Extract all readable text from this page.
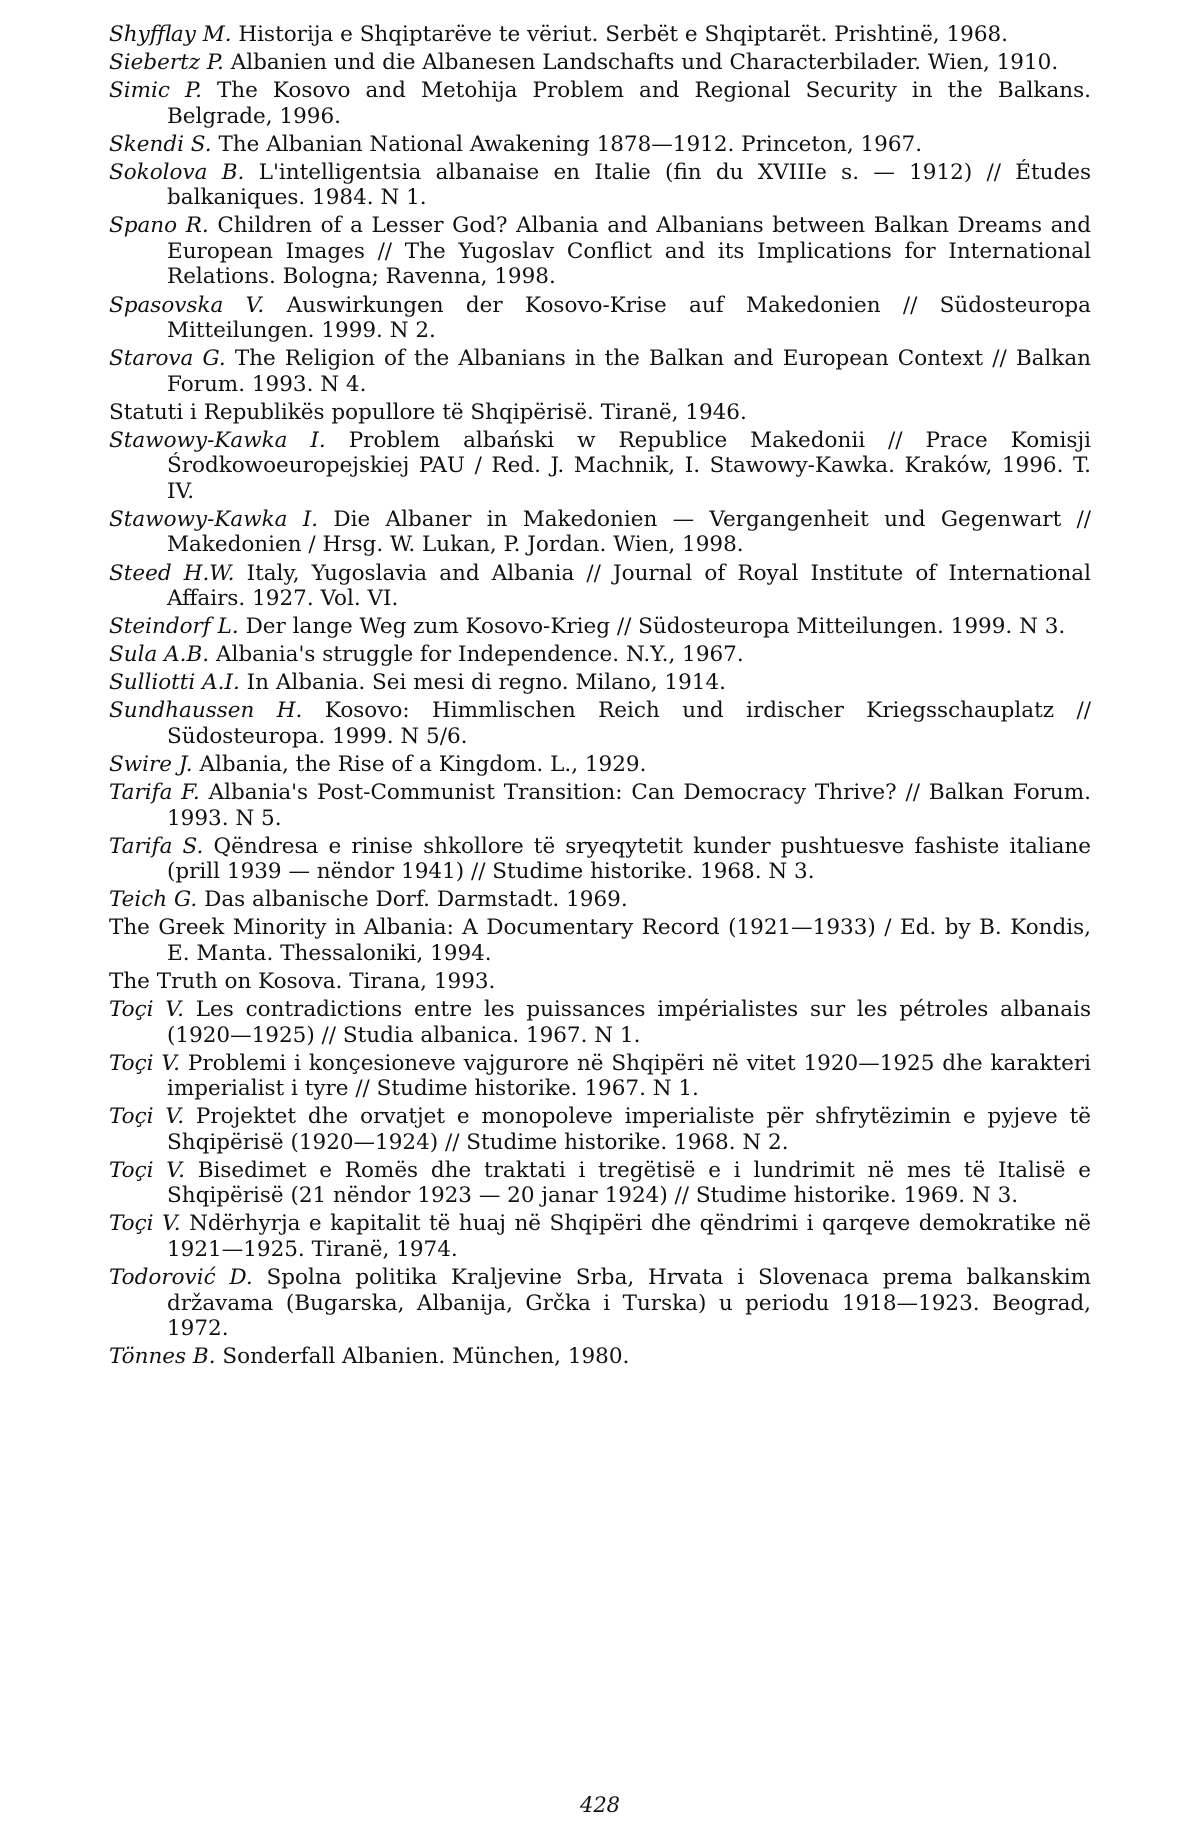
Shyfflay M. Historija e Shqiptarëve te vëriut. Serbët e Shqiptarët. Prishtinë, 1968.
Siebertz P. Albanien und die Albanesen Landschafts und Characterbilader. Wien, 1910.
Simic P. The Kosovo and Metohija Problem and Regional Security in the Balkans. Belgrade, 1996.
Skendi S. The Albanian National Awakening 1878—1912. Princeton, 1967.
Sokolova B. L'intelligentsia albanaise en Italie (fin du XVIIIe s. — 1912) // Études balkaniques. 1984. N 1.
Spano R. Children of a Lesser God? Albania and Albanians between Balkan Dreams and European Images // The Yugoslav Conflict and its Implications for International Relations. Bologna; Ravenna, 1998.
Spasovska V. Auswirkungen der Kosovo-Krise auf Makedonien // Südosteuropa Mitteilungen. 1999. N 2.
Starova G. The Religion of the Albanians in the Balkan and European Context // Balkan Forum. 1993. N 4.
Statuti i Republikës popullore të Shqipërisë. Tiranë, 1946.
Stawowy-Kawka I. Problem albański w Republice Makedonii // Prace Komisji Środkowoeuropejskiej PAU / Red. J. Machnik, I. Stawowy-Kawka. Kraków, 1996. T. IV.
Stawowy-Kawka I. Die Albaner in Makedonien — Vergangenheit und Gegenwart // Makedonien / Hrsg. W. Lukan, P. Jordan. Wien, 1998.
Steed H.W. Italy, Yugoslavia and Albania // Journal of Royal Institute of International Affairs. 1927. Vol. VI.
Steindorf L. Der lange Weg zum Kosovo-Krieg // Südosteuropa Mitteilungen. 1999. N 3.
Sula A.B. Albania's struggle for Independence. N.Y., 1967.
Sulliotti A.I. In Albania. Sei mesi di regno. Milano, 1914.
Sundhaussen H. Kosovo: Himmlischen Reich und irdischer Kriegsschauplatz // Südosteuropa. 1999. N 5/6.
Swire J. Albania, the Rise of a Kingdom. L., 1929.
Tarifa F. Albania's Post-Communist Transition: Can Democracy Thrive? // Balkan Forum. 1993. N 5.
Tarifa S. Qëndresa e rinise shkollore të sryeqytetit kunder pushtuesve fashiste italiane (prill 1939 — nëndor 1941) // Studime historike. 1968. N 3.
Teich G. Das albanische Dorf. Darmstadt. 1969.
The Greek Minority in Albania: A Documentary Record (1921—1933) / Ed. by B. Kondis, E. Manta. Thessaloniki, 1994.
The Truth on Kosova. Tirana, 1993.
Toçi V. Les contradictions entre les puissances impérialistes sur les pétroles albanais (1920—1925) // Studia albanica. 1967. N 1.
Toçi V. Problemi i konçesioneve vajgurore në Shqipëri në vitet 1920—1925 dhe karakteri imperialist i tyre // Studime historike. 1967. N 1.
Toçi V. Projektet dhe orvatjet e monopoleve imperialiste për shfrytëzimin e pyjeve të Shqipërisë (1920—1924) // Studime historike. 1968. N 2.
Toçi V. Bisedimet e Romës dhe traktati i tregëtisë e i lundrimit në mes të Italisë e Shqipërisë (21 nëndor 1923 — 20 janar 1924) // Studime historike. 1969. N 3.
Toçi V. Ndërhyrja e kapitalit të huaj në Shqipëri dhe qëndrimi i qarqeve demokratike në 1921—1925. Tiranë, 1974.
Todorović D. Spolna politika Kraljevine Srba, Hrvata i Slovenaca prema balkanskim državama (Bugarska, Albanija, Grčka i Turska) u periodu 1918—1923. Beograd, 1972.
Tönnes B. Sonderfall Albanien. München, 1980.
428
